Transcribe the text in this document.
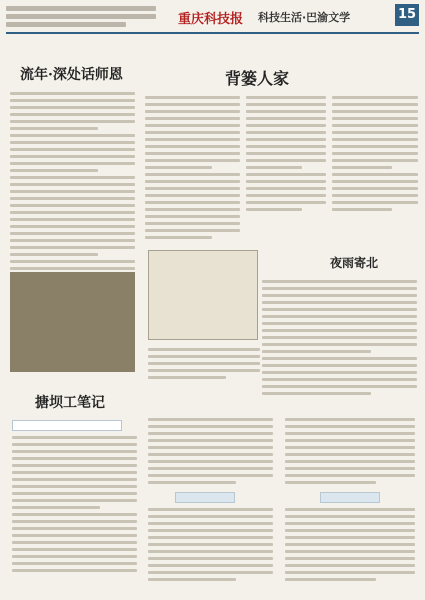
重庆科技报 科技生活·巴渝文学	15
流年·深处话师恩	背篓人家
夜雨寄北
搪坝工笔记
